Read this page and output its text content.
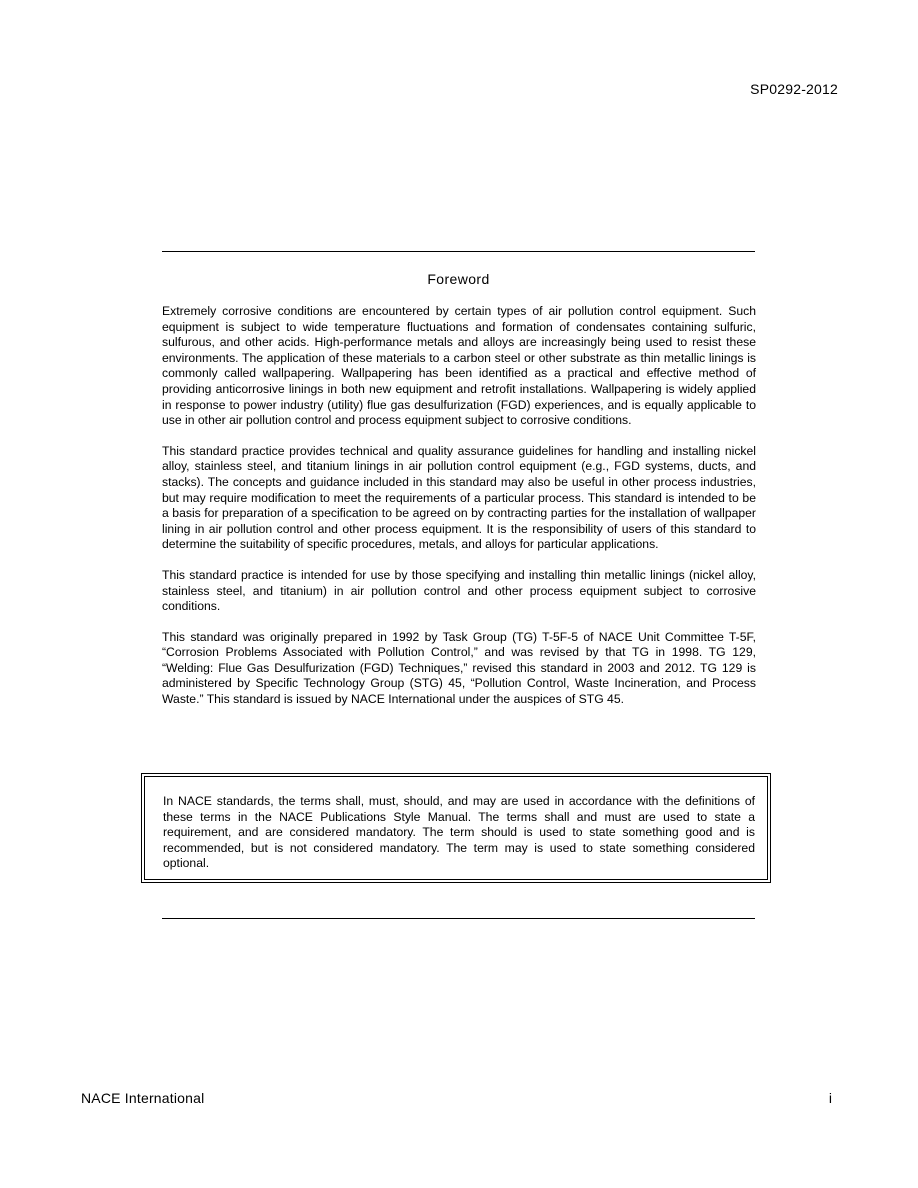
SP0292-2012
Foreword

Extremely corrosive conditions are encountered by certain types of air pollution control equipment. Such equipment is subject to wide temperature fluctuations and formation of condensates containing sulfuric, sulfurous, and other acids. High-performance metals and alloys are increasingly being used to resist these environments. The application of these materials to a carbon steel or other substrate as thin metallic linings is commonly called wallpapering. Wallpapering has been identified as a practical and effective method of providing anticorrosive linings in both new equipment and retrofit installations. Wallpapering is widely applied in response to power industry (utility) flue gas desulfurization (FGD) experiences, and is equally applicable to use in other air pollution control and process equipment subject to corrosive conditions.

This standard practice provides technical and quality assurance guidelines for handling and installing nickel alloy, stainless steel, and titanium linings in air pollution control equipment (e.g., FGD systems, ducts, and stacks). The concepts and guidance included in this standard may also be useful in other process industries, but may require modification to meet the requirements of a particular process. This standard is intended to be a basis for preparation of a specification to be agreed on by contracting parties for the installation of wallpaper lining in air pollution control and other process equipment. It is the responsibility of users of this standard to determine the suitability of specific procedures, metals, and alloys for particular applications.

This standard practice is intended for use by those specifying and installing thin metallic linings (nickel alloy, stainless steel, and titanium) in air pollution control and other process equipment subject to corrosive conditions.

This standard was originally prepared in 1992 by Task Group (TG) T-5F-5 of NACE Unit Committee T-5F, “Corrosion Problems Associated with Pollution Control,” and was revised by that TG in 1998. TG 129, “Welding: Flue Gas Desulfurization (FGD) Techniques,” revised this standard in 2003 and 2012. TG 129 is administered by Specific Technology Group (STG) 45, “Pollution Control, Waste Incineration, and Process Waste.” This standard is issued by NACE International under the auspices of STG 45.

In NACE standards, the terms shall, must, should, and may are used in accordance with the definitions of these terms in the NACE Publications Style Manual. The terms shall and must are used to state a requirement, and are considered mandatory. The term should is used to state something good and is recommended, but is not considered mandatory. The term may is used to state something considered optional.

NACE International	i
